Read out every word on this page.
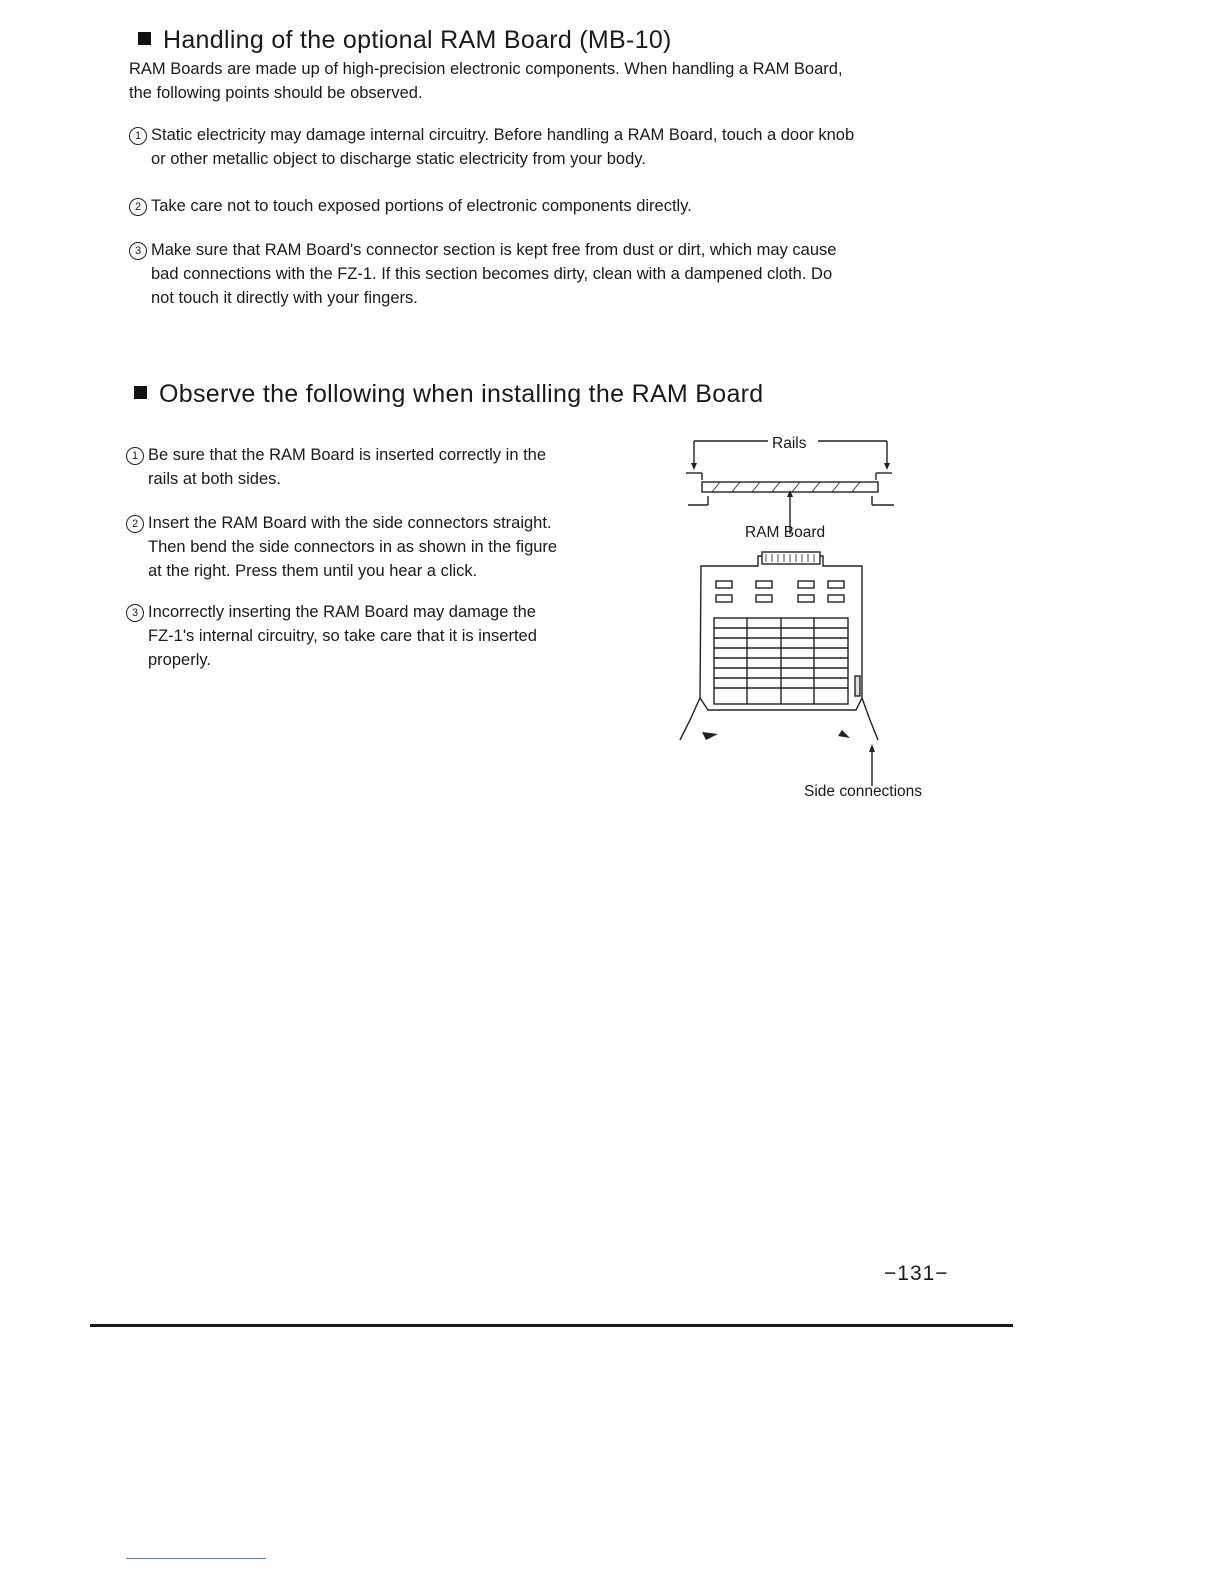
Handling of the optional RAM Board (MB-10)

RAM Boards are made up of high-precision electronic components. When handling a RAM Board,
the following points should be observed.

1 Static electricity may damage internal circuitry. Before handling a RAM Board, touch a door knob
or other metallic object to discharge static electricity from your body.

2 Take care not to touch exposed portions of electronic components directly.

3 Make sure that RAM Board's connector section is kept free from dust or dirt, which may cause
bad connections with the FZ-1. If this section becomes dirty, clean with a dampened cloth. Do
not touch it directly with your fingers.

Observe the following when installing the RAM Board

1 Be sure that the RAM Board is inserted correctly in the
rails at both sides.

2 Insert the RAM Board with the side connectors straight.
Then bend the side connectors in as shown in the figure
at the right. Press them until you hear a click.

3 Incorrectly inserting the RAM Board may damage the
FZ-1's internal circuitry, so take care that it is inserted
properly.

Rails
RAM Board
Side connections
−131−
